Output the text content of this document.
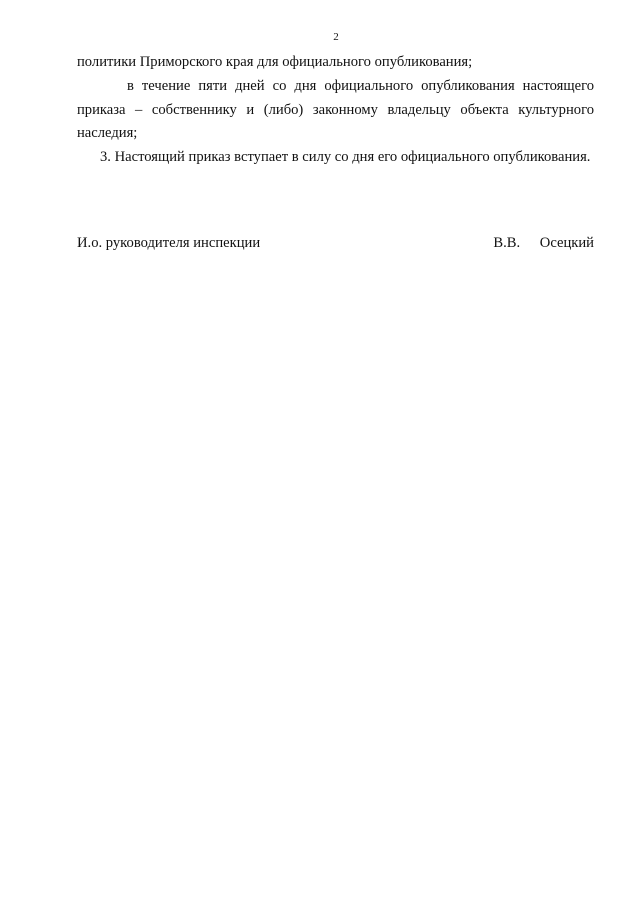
2

политики Приморского края для официального опубликования;

в течение пяти дней со дня официального опубликования настоящего приказа – собственнику и (либо) законному владельцу объекта культурного наследия;

3. Настоящий приказ вступает в силу со дня его официального опубликования.

И.о. руководителя инспекции	В.В. Осецкий
